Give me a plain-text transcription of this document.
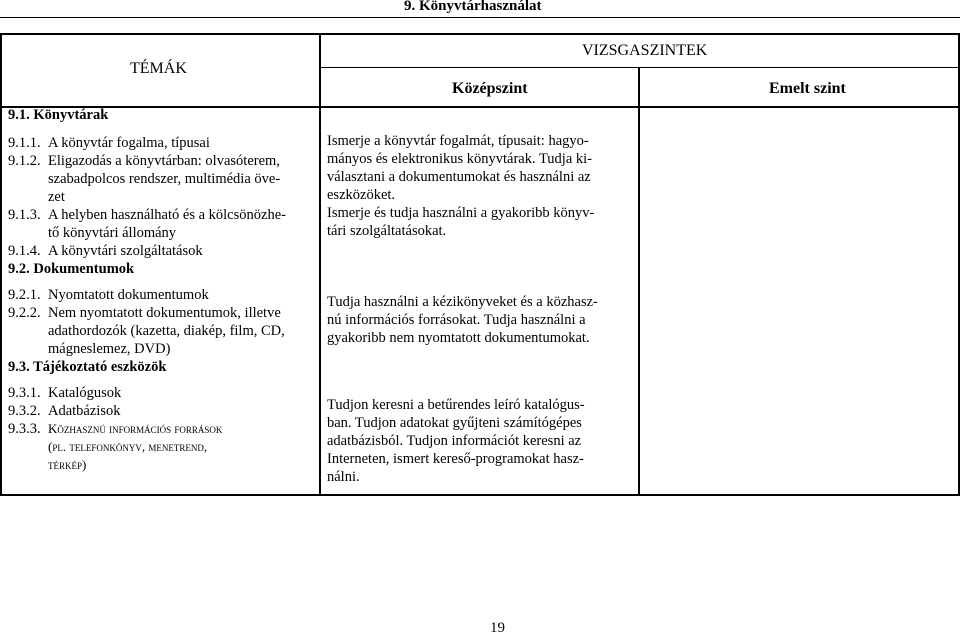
9. Könyvtárhasználat
TÉMÁK
VIZSGASZINTEK
Középszint	Emelt szint
9.1. Könyvtárak
9.1.1. A könyvtár fogalma, típusai
9.1.2. Eligazodás a könyvtárban: olvasóterem,
szabadpolcos rendszer, multimédia öve-
zet
9.1.3. A helyben használható és a kölcsönözhe-
tő könyvtári állomány
9.1.4. A könyvtári szolgáltatások
9.2. Dokumentumok
9.2.1. Nyomtatott dokumentumok
9.2.2. Nem nyomtatott dokumentumok, illetve
adathordozók (kazetta, diakép, film, CD,
mágneslemez, DVD)
9.3. Tájékoztató eszközök
9.3.1. Katalógusok
9.3.2. Adatbázisok
9.3.3. Közhasznú információs források
(pl. telefonkönyv, menetrend,
térkép)
Ismerje a könyvtár fogalmát, típusait: hagyo-
mányos és elektronikus könyvtárak. Tudja ki-
választani a dokumentumokat és használni az
eszközöket.
Ismerje és tudja használni a gyakoribb könyv-
tári szolgáltatásokat.
Tudja használni a kézikönyveket és a közhasz-
nú információs forrásokat. Tudja használni a
gyakoribb nem nyomtatott dokumentumokat.
Tudjon keresni a betűrendes leíró katalógus-
ban. Tudjon adatokat gyűjteni számítógépes
adatbázisból. Tudjon információt keresni az
Interneten, ismert kereső-programokat hasz-
nálni.
19
